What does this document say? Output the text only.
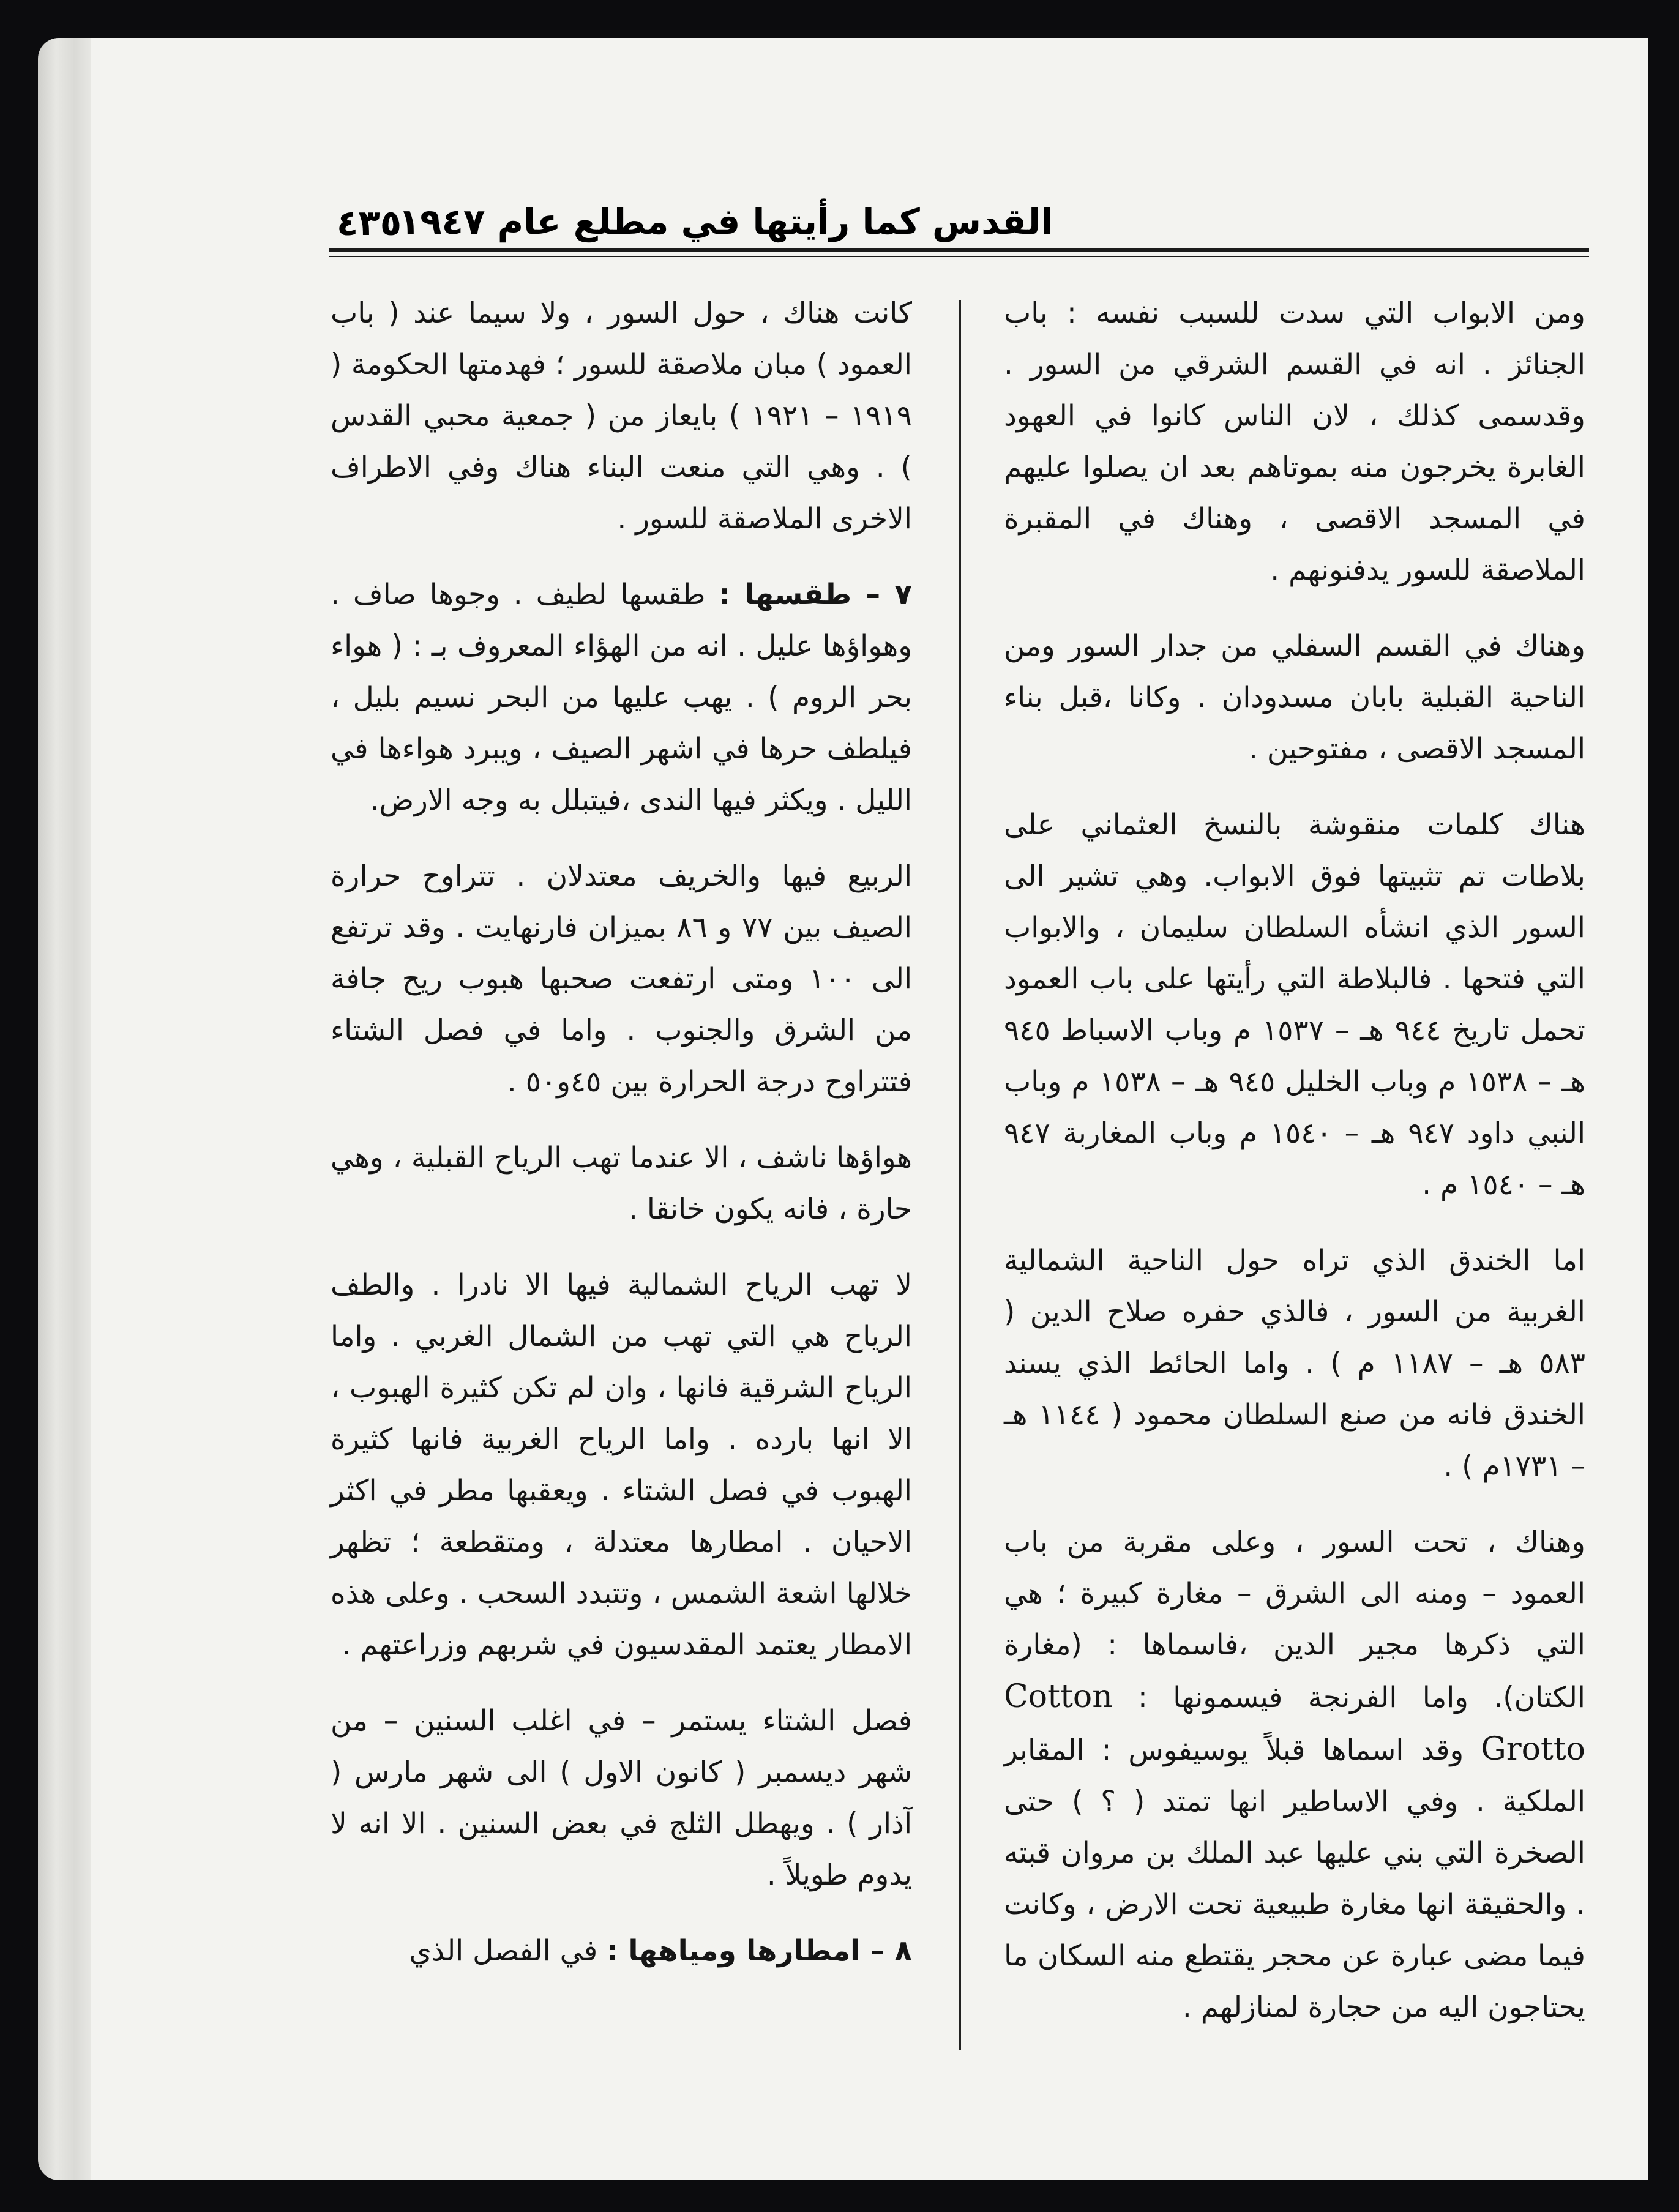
٤٣٥
القدس كما رأيتها في مطلع عام ١٩٤٧

ومن الابواب التي سدت للسبب نفسه : باب الجنائز . انه في القسم الشرقي من السور . وقدسمى كذلك ، لان الناس كانوا في العهود الغابرة يخرجون منه بموتاهم بعد ان يصلوا عليهم في المسجد الاقصى ، وهناك في المقبرة الملاصقة للسور يدفنونهم .

وهناك في القسم السفلي من جدار السور ومن الناحية القبلية بابان مسدودان . وكانا ،قبل بناء المسجد الاقصى ، مفتوحين .

هناك كلمات منقوشة بالنسخ العثماني على بلاطات تم تثبيتها فوق الابواب. وهي تشير الى السور الذي انشأه السلطان سليمان ، والابواب التي فتحها . فالبلاطة التي رأيتها على باب العمود تحمل تاريخ ٩٤٤ هـ – ١٥٣٧ م وباب الاسباط ٩٤٥ هـ – ١٥٣٨ م وباب الخليل ٩٤٥ هـ – ١٥٣٨ م وباب النبي داود ٩٤٧ هـ – ١٥٤٠ م وباب المغاربة ٩٤٧ هـ – ١٥٤٠ م .

اما الخندق الذي تراه حول الناحية الشمالية الغربية من السور ، فالذي حفره صلاح الدين ( ٥٨٣ هـ – ١١٨٧ م ) . واما الحائط الذي يسند الخندق فانه من صنع السلطان محمود ( ١١٤٤ هـ – ١٧٣١م ) .

وهناك ، تحت السور ، وعلى مقربة من باب العمود – ومنه الى الشرق – مغارة كبيرة ؛ هي التي ذكرها مجير الدين ،فاسماها : (مغارة الكتان). واما الفرنجة فيسمونها : Cotton Grotto وقد اسماها قبلاً يوسيفوس : المقابر الملكية . وفي الاساطير انها تمتد ( ؟ ) حتى الصخرة التي بني عليها عبد الملك بن مروان قبته . والحقيقة انها مغارة طبيعية تحت الارض ، وكانت فيما مضى عبارة عن محجر يقتطع منه السكان ما يحتاجون اليه من حجارة لمنازلهم .

كانت هناك ، حول السور ، ولا سيما عند ( باب العمود ) مبان ملاصقة للسور ؛ فهدمتها الحكومة ( ١٩١٩ – ١٩٢١ ) بايعاز من ( جمعية محبي القدس ) . وهي التي منعت البناء هناك وفي الاطراف الاخرى الملاصقة للسور .

٧ – طقسها : طقسها لطيف . وجوها صاف . وهواؤها عليل . انه من الهؤاء المعروف بـ : ( هواء بحر الروم ) . يهب عليها من البحر نسيم بليل ، فيلطف حرها في اشهر الصيف ، ويبرد هواءها في الليل . ويكثر فيها الندى ،فيتبلل به وجه الارض.

الربيع فيها والخريف معتدلان . تتراوح حرارة الصيف بين ٧٧ و ٨٦ بميزان فارنهايت . وقد ترتفع الى ١٠٠ ومتى ارتفعت صحبها هبوب ريح جافة من الشرق والجنوب . واما في فصل الشتاء فتتراوح درجة الحرارة بين ٤٥و٥٠ .

هواؤها ناشف ، الا عندما تهب الرياح القبلية ، وهي حارة ، فانه يكون خانقا .

لا تهب الرياح الشمالية فيها الا نادرا . والطف الرياح هي التي تهب من الشمال الغربي . واما الرياح الشرقية فانها ، وان لم تكن كثيرة الهبوب ، الا انها بارده . واما الرياح الغربية فانها كثيرة الهبوب في فصل الشتاء . ويعقبها مطر في اكثر الاحيان . امطارها معتدلة ، ومتقطعة ؛ تظهر خلالها اشعة الشمس ، وتتبدد السحب . وعلى هذه الامطار يعتمد المقدسيون في شربهم وزراعتهم .

فصل الشتاء يستمر – في اغلب السنين – من شهر ديسمبر ( كانون الاول ) الى شهر مارس ( آذار ) . ويهطل الثلج في بعض السنين . الا انه لا يدوم طويلاً .

٨ – امطارها ومياهها : في الفصل الذي
